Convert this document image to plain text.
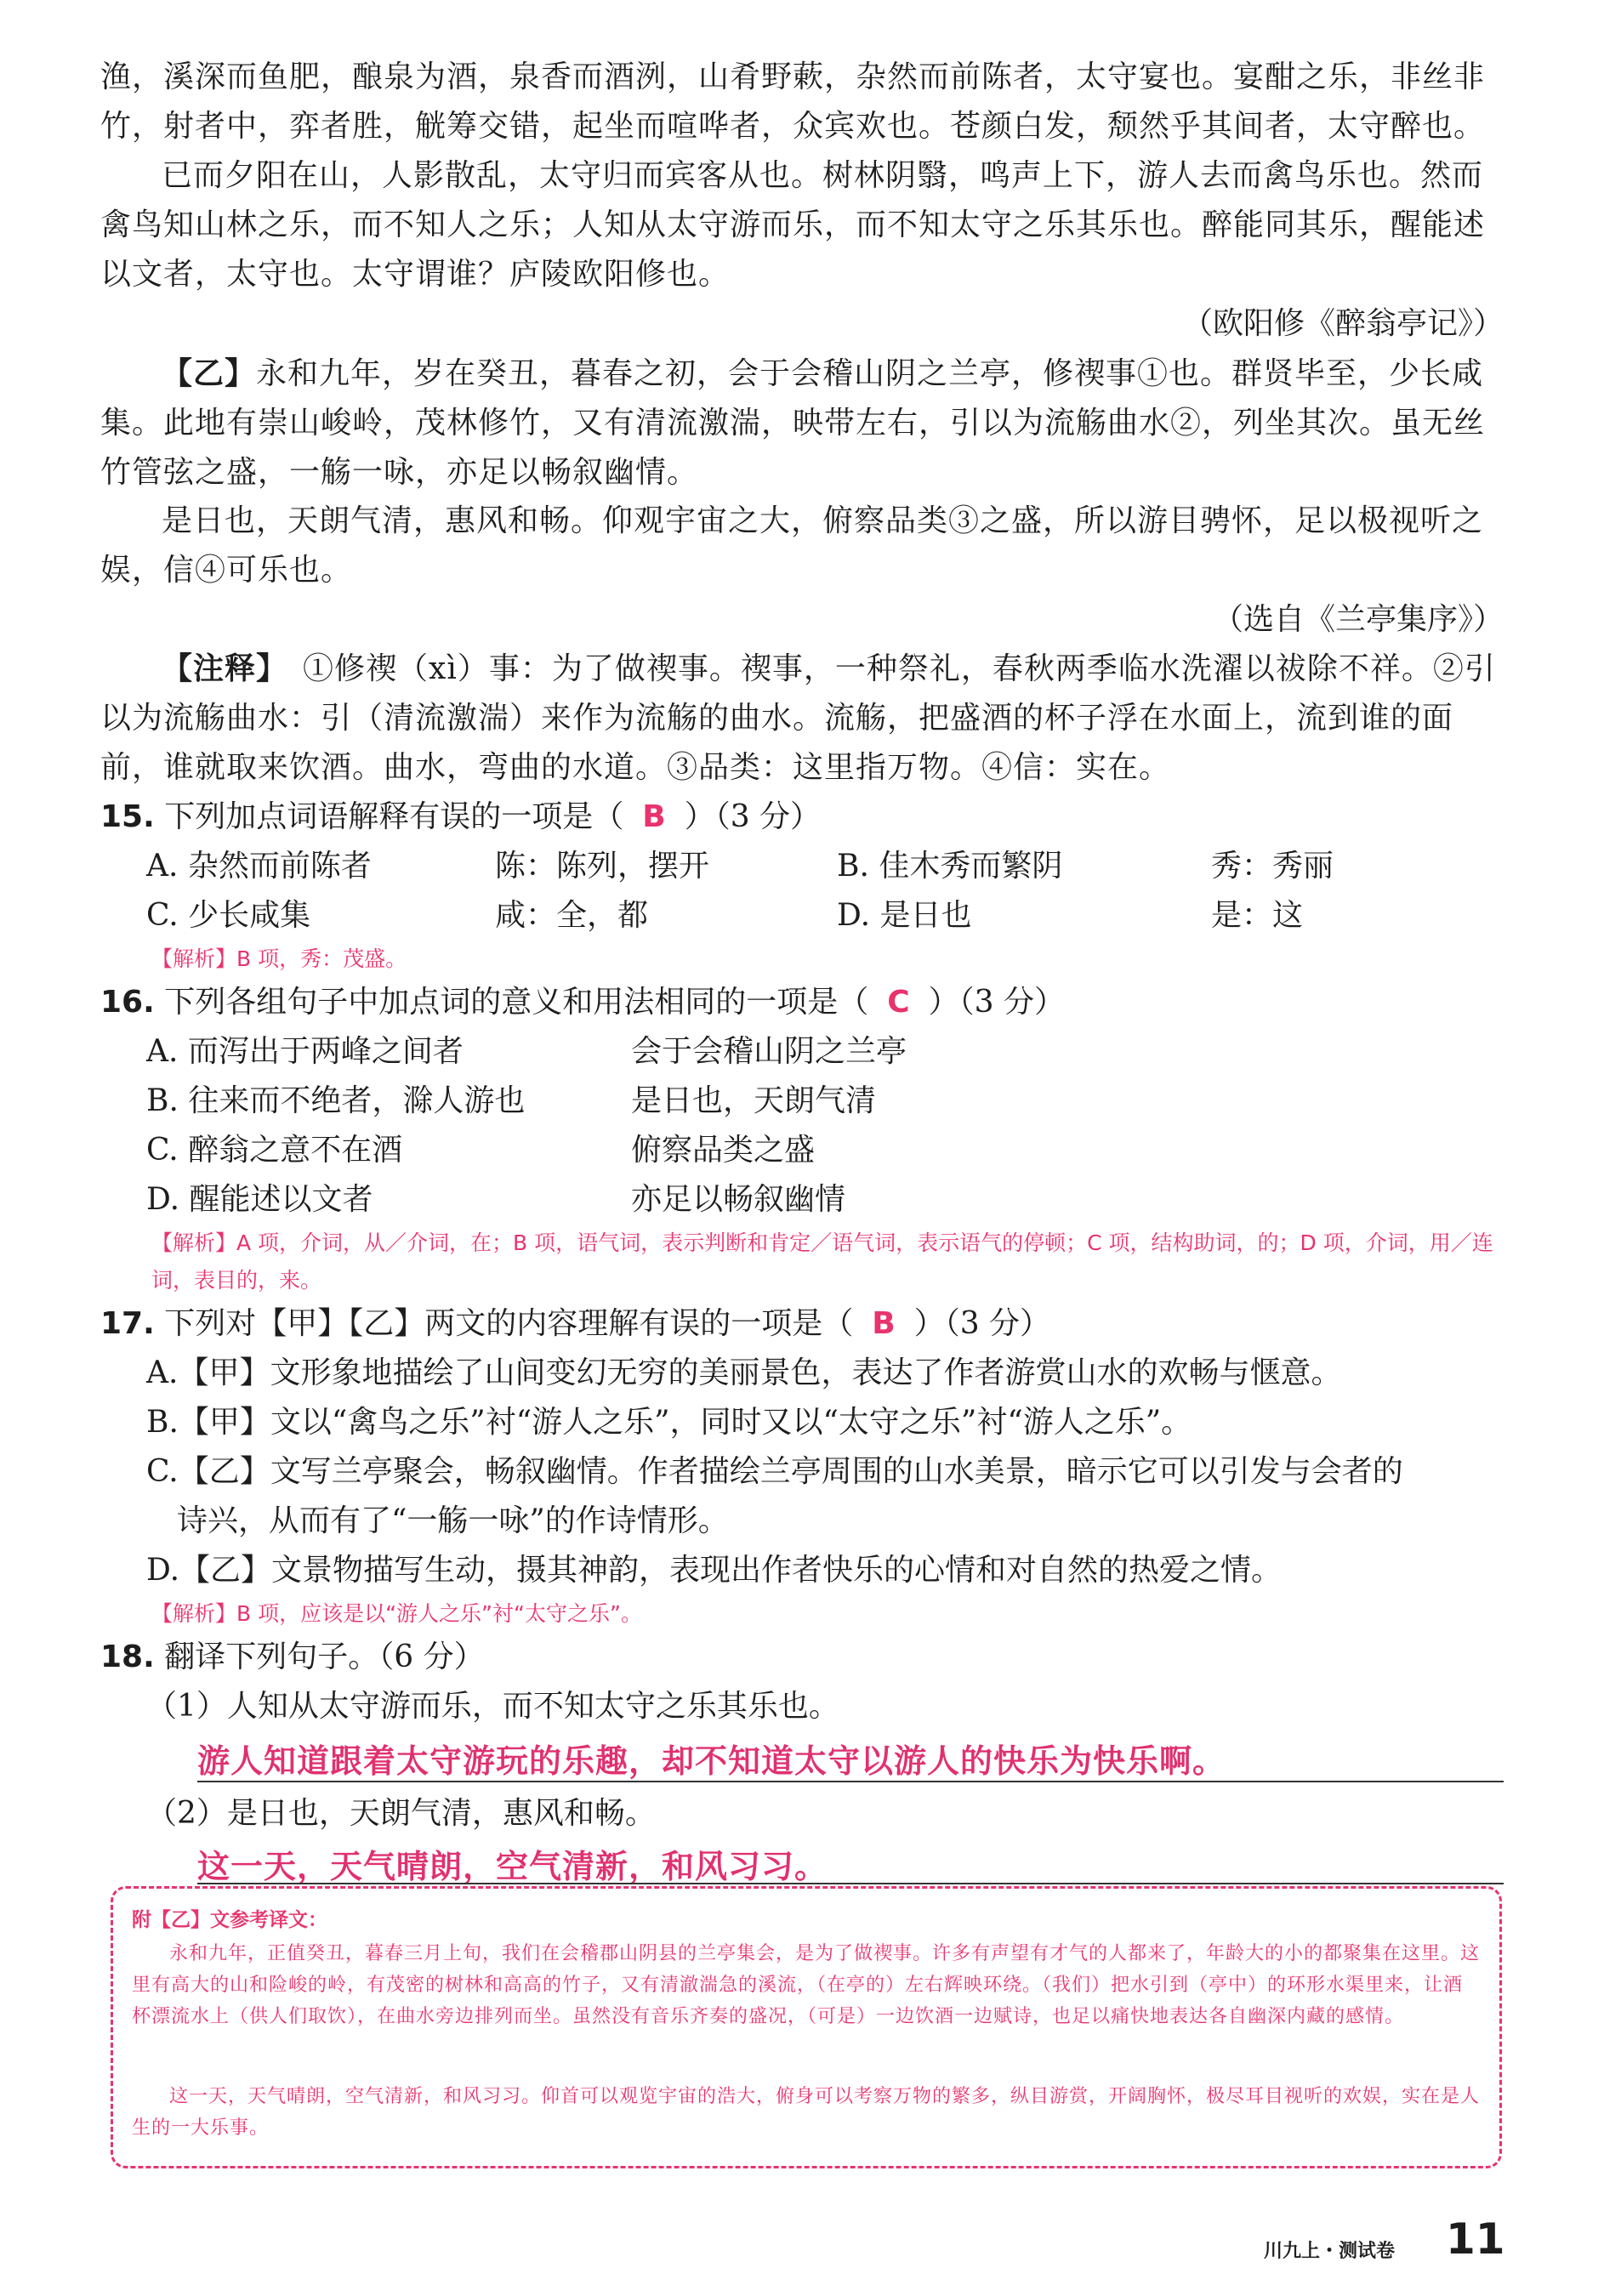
渔，溪深而鱼肥，酿泉为酒，泉香而酒洌，山肴野蔌，杂然而前陈者，太守宴也。宴酣之乐，非丝非
竹，射者中，弈者胜，觥筹交错，起坐而喧哗者，众宾欢也。苍颜白发，颓然乎其间者，太守醉也。
已而夕阳在山，人影散乱，太守归而宾客从也。树林阴翳，鸣声上下，游人去而禽鸟乐也。然而禽鸟知山林之乐，而不知人之乐；人知从太守游而乐，而不知太守之乐其乐也。醉能同其乐，醒能述以文者，太守也。太守谓谁？庐陵欧阳修也。
（欧阳修《醉翁亭记》）
【乙】永和九年，岁在癸丑，暮春之初，会于会稽山阴之兰亭，修禊事①也。群贤毕至，少长咸集。此地有崇山峻岭，茂林修竹，又有清流激湍，映带左右，引以为流觞曲水②，列坐其次。虽无丝竹管弦之盛，一觞一咏，亦足以畅叙幽情。
是日也，天朗气清，惠风和畅。仰观宇宙之大，俯察品类③之盛，所以游目骋怀，足以极视听之娱，信④可乐也。
（选自《兰亭集序》）
【注释】 ①修禊（xì）事：为了做禊事。禊事，一种祭礼，春秋两季临水洗濯以祓除不祥。②引以为流觞曲水：引（清流激湍）来作为流觞的曲水。流觞，把盛酒的杯子浮在水面上，流到谁的面前，谁就取来饮酒。曲水，弯曲的水道。③品类：这里指万物。④信：实在。
15. 下列加点词语解释有误的一项是（ B ）（3 分）
A. 杂然而前陈者	陈：陈列，摆开	B. 佳木秀而繁阴	秀：秀丽
C. 少长咸集	咸：全，都	D. 是日也	是：这
【解析】B 项，秀：茂盛。
16. 下列各组句子中加点词的意义和用法相同的一项是（ C ）（3 分）
A. 而泻出于两峰之间者	会于会稽山阴之兰亭
B. 往来而不绝者，滁人游也	是日也，天朗气清
C. 醉翁之意不在酒	俯察品类之盛
D. 醒能述以文者	亦足以畅叙幽情
【解析】A 项，介词，从／介词，在；B 项，语气词，表示判断和肯定／语气词，表示语气的停顿；C 项，结构助词，的；D 项，介词，用／连词，表目的，来。
17. 下列对【甲】【乙】两文的内容理解有误的一项是（ B ）（3 分）
A.【甲】文形象地描绘了山间变幻无穷的美丽景色，表达了作者游赏山水的欢畅与惬意。
B.【甲】文以“禽鸟之乐”衬“游人之乐”，同时又以“太守之乐”衬“游人之乐”。
C.【乙】文写兰亭聚会，畅叙幽情。作者描绘兰亭周围的山水美景，暗示它可以引发与会者的
诗兴，从而有了“一觞一咏”的作诗情形。
D.【乙】文景物描写生动，摄其神韵，表现出作者快乐的心情和对自然的热爱之情。
【解析】B 项，应该是以“游人之乐”衬“太守之乐”。
18. 翻译下列句子。（6 分）
（1）人知从太守游而乐，而不知太守之乐其乐也。
游人知道跟着太守游玩的乐趣，却不知道太守以游人的快乐为快乐啊。
（2）是日也，天朗气清，惠风和畅。
这一天，天气晴朗，空气清新，和风习习。
附【乙】文参考译文：
永和九年，正值癸丑，暮春三月上旬，我们在会稽郡山阴县的兰亭集会，是为了做禊事。许多有声望有才气的人都来了，年龄大的小的都聚集在这里。这里有高大的山和险峻的岭，有茂密的树林和高高的竹子，又有清澈湍急的溪流，（在亭的）左右辉映环绕。（我们）把水引到（亭中）的环形水渠里来，让酒杯漂流水上（供人们取饮），在曲水旁边排列而坐。虽然没有音乐齐奏的盛况，（可是）一边饮酒一边赋诗，也足以痛快地表达各自幽深内藏的感情。
这一天，天气晴朗，空气清新，和风习习。仰首可以观览宇宙的浩大，俯身可以考察万物的繁多，纵目游赏，开阔胸怀，极尽耳目视听的欢娱，实在是人生的一大乐事。
川九上・测试卷 11
